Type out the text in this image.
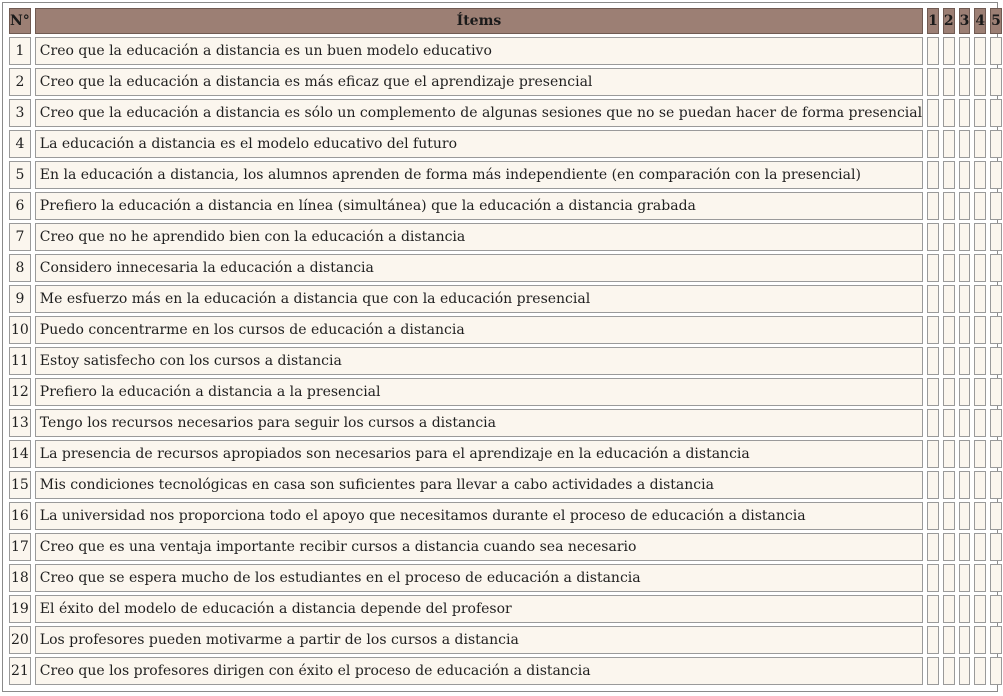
N°	Ítems	1	2	3	4	5
1	Creo que la educación a distancia es un buen modelo educativo					
2	Creo que la educación a distancia es más eficaz que el aprendizaje presencial					
3	Creo que la educación a distancia es sólo un complemento de algunas sesiones que no se puedan hacer de forma presencial					
4	La educación a distancia es el modelo educativo del futuro					
5	En la educación a distancia, los alumnos aprenden de forma más independiente (en comparación con la presencial)					
6	Prefiero la educación a distancia en línea (simultánea) que la educación a distancia grabada					
7	Creo que no he aprendido bien con la educación a distancia					
8	Considero innecesaria la educación a distancia					
9	Me esfuerzo más en la educación a distancia que con la educación presencial					
10	Puedo concentrarme en los cursos de educación a distancia					
11	Estoy satisfecho con los cursos a distancia					
12	Prefiero la educación a distancia a la presencial					
13	Tengo los recursos necesarios para seguir los cursos a distancia					
14	La presencia de recursos apropiados son necesarios para el aprendizaje en la educación a distancia					
15	Mis condiciones tecnológicas en casa son suficientes para llevar a cabo actividades a distancia					
16	La universidad nos proporciona todo el apoyo que necesitamos durante el proceso de educación a distancia					
17	Creo que es una ventaja importante recibir cursos a distancia cuando sea necesario					
18	Creo que se espera mucho de los estudiantes en el proceso de educación a distancia					
19	El éxito del modelo de educación a distancia depende del profesor					
20	Los profesores pueden motivarme a partir de los cursos a distancia					
21	Creo que los profesores dirigen con éxito el proceso de educación a distancia					
